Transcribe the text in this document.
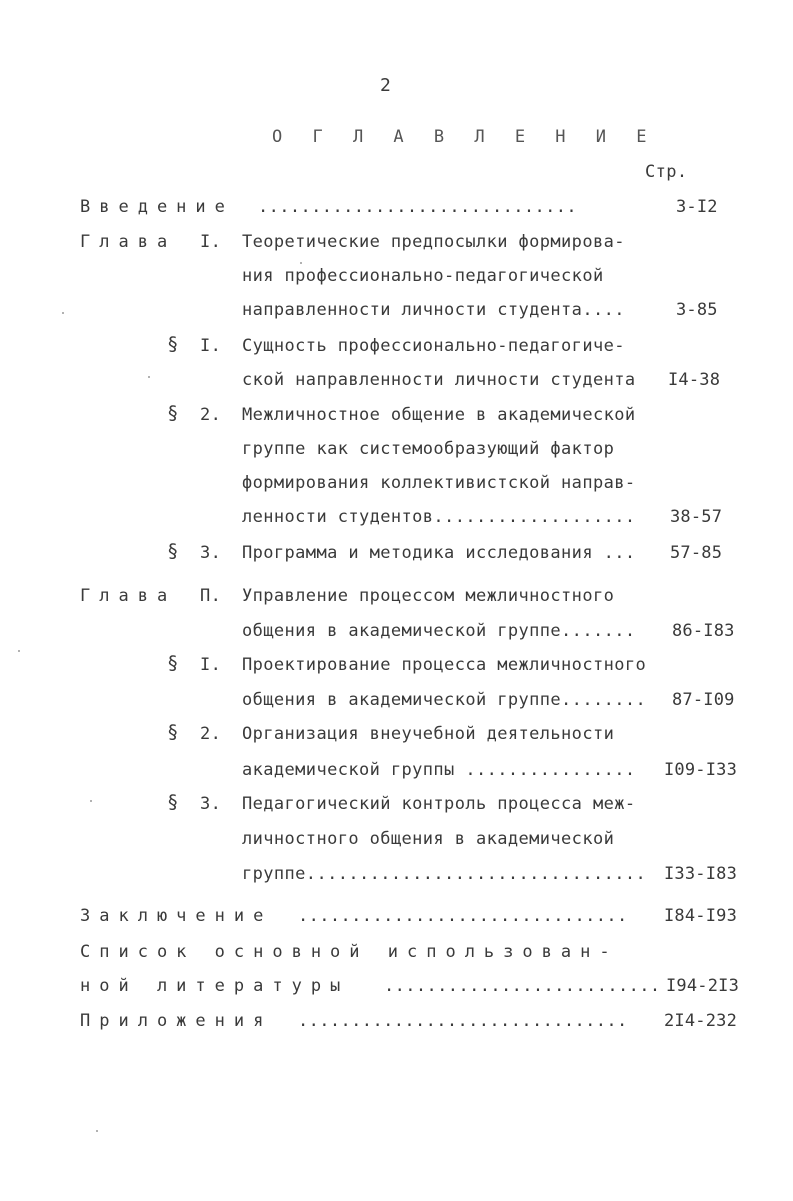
2
О Г Л А В Л Е Н И Е
Стр.
Введение ..............................	3-I2
Глава I. Теоретические предпосылки формирова-
ния профессионально-педагогической
направленности личности студента....	3-85
§ I. Сущность профессионально-педагогиче-
ской направленности личности студента I4-38
§ 2. Межличностное общение в академической
группе как системообразующий фактор
формирования коллективистской направ-
ленности студентов................... 38-57
§ 3. Программа и методика исследования ... 57-85
Глава П. Управление процессом межличностного
общения в академической группе....... 86-I83
§ I. Проектирование процесса межличностного
общения в академической группе........ 87-I09
§ 2. Организация внеучебной деятельности
академической группы ................ I09-I33
§ 3. Педагогический контроль процесса меж-
личностного общения в академической
группе................................ I33-I83
Заключение ............................... I84-I93
Список основной использован-
ной литературы .......................... I94-2I3
Приложения ............................... 2I4-232
